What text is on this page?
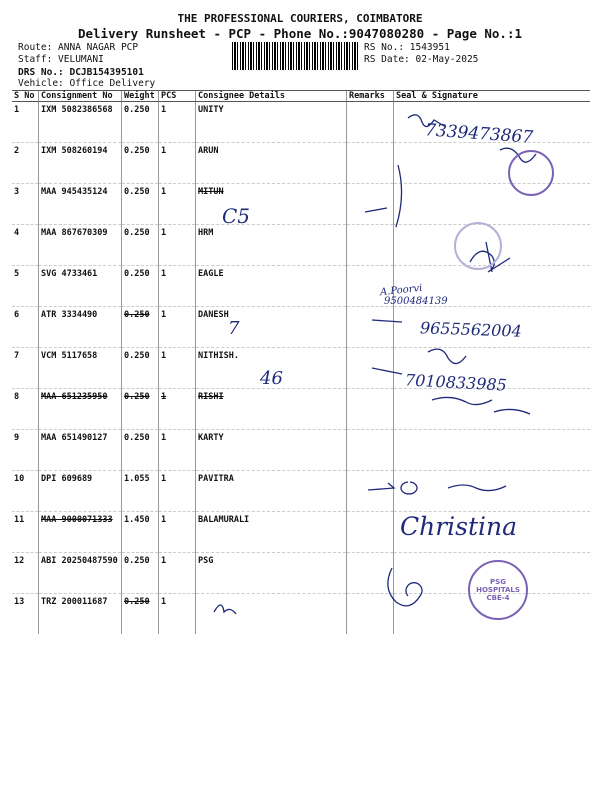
THE PROFESSIONAL COURIERS, COIMBATORE
Delivery Runsheet - PCP - Phone No.:9047080280 - Page No.:1
Route: ANNA NAGAR PCP
Staff: VELUMANI
DRS No.: DCJB154395101
Vehicle: Office Delivery
RS No.: 1543951
RS Date: 02-May-2025
S No	Consignment No	Weight	PCS	Consignee Details	Remarks	Seal & Signature
1	IXM 5082386568	0.250	1	UNITY		
2	IXM 508260194	0.250	1	ARUN		
3	MAA 945435124	0.250	1	MITUN		
4	MAA 867670309	0.250	1	HRM		
5	SVG 4733461	0.250	1	EAGLE		
6	ATR 3334490	0.250	1	DANESH		
7	VCM 5117658	0.250	1	NITHISH.		
8	MAA 651235950	0.250	1	RISHI		
9	MAA 651490127	0.250	1	KARTY		
10	DPI 609689	1.055	1	PAVITRA		
11	MAA 9000071333	1.450	1	BALAMURALI		
12	ABI 20250487590	0.250	1	PSG		
13	TRZ 200011687	0.250	1			
7339473867
C5
7
A.Poorvi
9500484139
9655562004
46	7010833985
Christina
PSG HOSPITALS CBE-4
